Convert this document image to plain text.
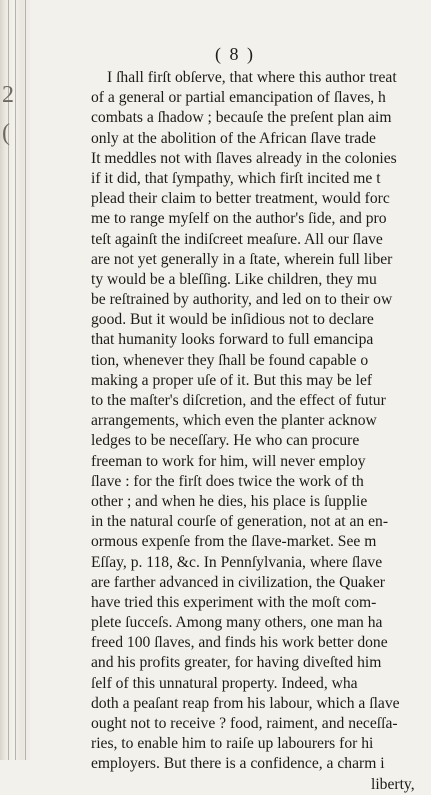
2
(
( 8 )
I ſhall firſt obſerve, that where this author treat
of a general or partial emancipation of ſlaves, h
combats a ſhadow ; becauſe the preſent plan aim
only at the abolition of the African ſlave trade
It meddles not with ſlaves already in the colonies
if it did, that ſympathy, which firſt incited me t
plead their claim to better treatment, would forc
me to range myſelf on the author's ſide, and pro
teſt againſt the indiſcreet meaſure. All our ſlave
are not yet generally in a ſtate, wherein full liber
ty would be a bleſſing. Like children, they mu
be reſtrained by authority, and led on to their ow
good. But it would be inſidious not to declare
that humanity looks forward to full emancipa
tion, whenever they ſhall be found capable o
making a proper uſe of it. But this may be lef
to the maſter's diſcretion, and the effect of futur
arrangements, which even the planter acknow
ledges to be neceſſary. He who can procure
freeman to work for him, will never employ
ſlave : for the firſt does twice the work of th
other ; and when he dies, his place is ſupplie
in the natural courſe of generation, not at an en-
ormous expenſe from the ſlave-market. See m
Eſſay, p. 118, &c. In Pennſylvania, where ſlave
are farther advanced in civilization, the Quaker
have tried this experiment with the moſt com-
plete ſucceſs. Among many others, one man ha
freed 100 ſlaves, and finds his work better done
and his profits greater, for having diveſted him
ſelf of this unnatural property. Indeed, wha
doth a peaſant reap from his labour, which a ſlave
ought not to receive ? food, raiment, and neceſſa-
ries, to enable him to raiſe up labourers for hi
employers. But there is a confidence, a charm i
liberty,
